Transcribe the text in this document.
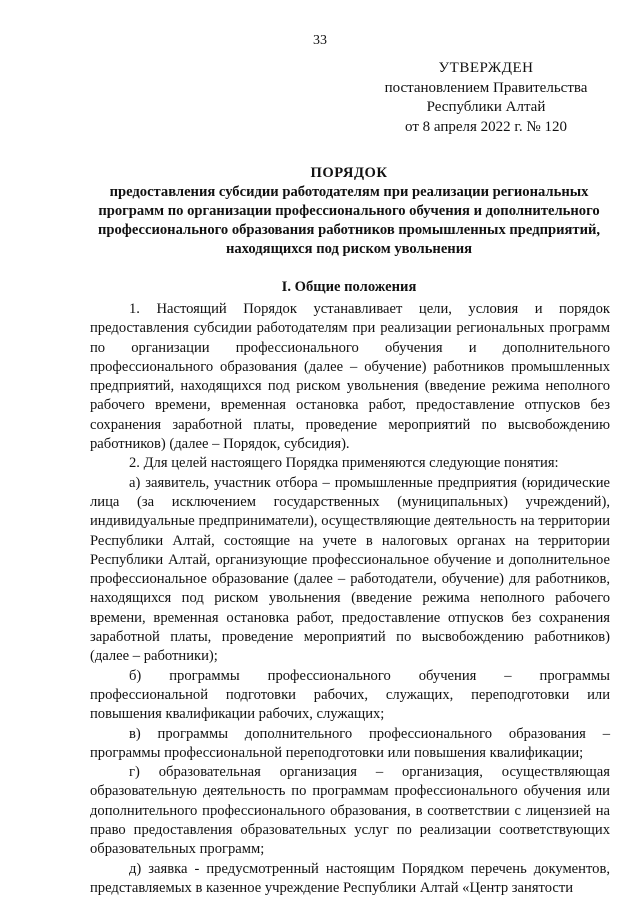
33
УТВЕРЖДЕН
постановлением Правительства
Республики Алтай
от 8 апреля 2022 г. № 120
ПОРЯДОК
предоставления субсидии работодателям при реализации региональных программ по организации профессионального обучения и дополнительного профессионального образования работников промышленных предприятий, находящихся под риском увольнения
I. Общие положения

1. Настоящий Порядок устанавливает цели, условия и порядок предоставления субсидии работодателям при реализации региональных программ по организации профессионального обучения и дополнительного профессионального образования (далее – обучение) работников промышленных предприятий, находящихся под риском увольнения (введение режима неполного рабочего времени, временная остановка работ, предоставление отпусков без сохранения заработной платы, проведение мероприятий по высвобождению работников) (далее – Порядок, субсидия).

2. Для целей настоящего Порядка применяются следующие понятия:

а) заявитель, участник отбора – промышленные предприятия (юридические лица (за исключением государственных (муниципальных) учреждений), индивидуальные предприниматели), осуществляющие деятельность на территории Республики Алтай, состоящие на учете в налоговых органах на территории Республики Алтай, организующие профессиональное обучение и дополнительное профессиональное образование (далее – работодатели, обучение) для работников, находящихся под риском увольнения (введение режима неполного рабочего времени, временная остановка работ, предоставление отпусков без сохранения заработной платы, проведение мероприятий по высвобождению работников) (далее – работники);

б) программы профессионального обучения – программы профессиональной подготовки рабочих, служащих, переподготовки или повышения квалификации рабочих, служащих;

в) программы дополнительного профессионального образования – программы профессиональной переподготовки или повышения квалификации;

г) образовательная организация – организация, осуществляющая образовательную деятельность по программам профессионального обучения или дополнительного профессионального образования, в соответствии с лицензией на право предоставления образовательных услуг по реализации соответствующих образовательных программ;

д) заявка - предусмотренный настоящим Порядком перечень документов, представляемых в казенное учреждение Республики Алтай «Центр занятости
